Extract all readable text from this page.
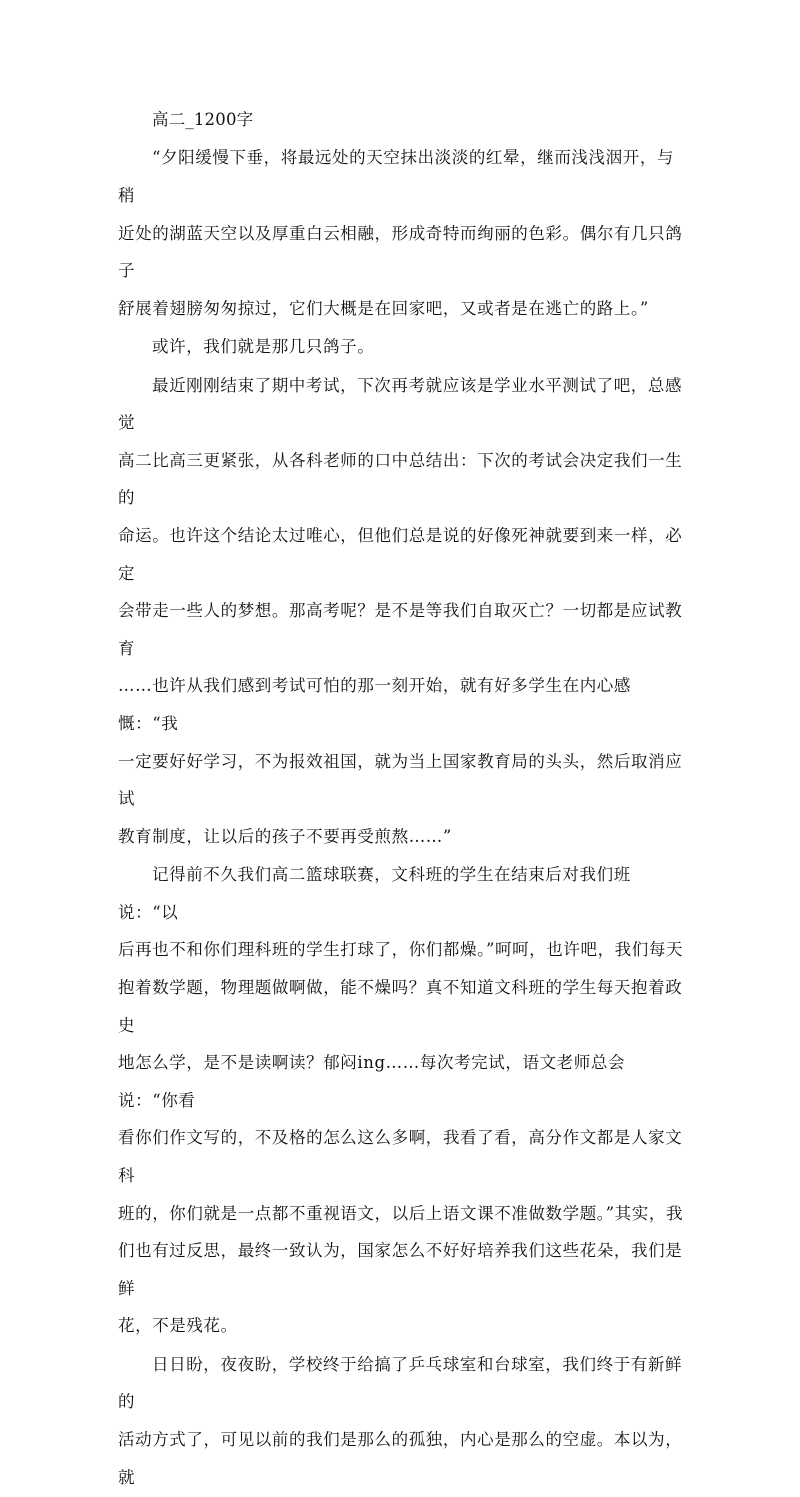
高二_1200字

“夕阳缓慢下垂，将最远处的天空抹出淡淡的红晕，继而浅浅洇开，与稍
近处的湖蓝天空以及厚重白云相融，形成奇特而绚丽的色彩。偶尔有几只鸽子
舒展着翅膀匆匆掠过，它们大概是在回家吧，又或者是在逃亡的路上。”

或许，我们就是那几只鸽子。

最近刚刚结束了期中考试，下次再考就应该是学业水平测试了吧，总感觉
高二比高三更紧张，从各科老师的口中总结出：下次的考试会决定我们一生的
命运。也许这个结论太过唯心，但他们总是说的好像死神就要到来一样，必定
会带走一些人的梦想。那高考呢？是不是等我们自取灭亡？一切都是应试教育
……也许从我们感到考试可怕的那一刻开始，就有好多学生在内心感慨：“我
一定要好好学习，不为报效祖国，就为当上国家教育局的头头，然后取消应试
教育制度，让以后的孩子不要再受煎熬……”

记得前不久我们高二篮球联赛，文科班的学生在结束后对我们班说：“以
后再也不和你们理科班的学生打球了，你们都燥。”呵呵，也许吧，我们每天
抱着数学题，物理题做啊做，能不燥吗？真不知道文科班的学生每天抱着政史
地怎么学，是不是读啊读？郁闷ing……每次考完试，语文老师总会说：“你看
看你们作文写的，不及格的怎么这么多啊，我看了看，高分作文都是人家文科
班的，你们就是一点都不重视语文，以后上语文课不准做数学题。”其实，我
们也有过反思，最终一致认为，国家怎么不好好培养我们这些花朵，我们是鲜
花，不是残花。

日日盼，夜夜盼，学校终于给搞了乒乓球室和台球室，我们终于有新鲜的
活动方式了，可见以前的我们是那么的孤独，内心是那么的空虚。本以为，就
